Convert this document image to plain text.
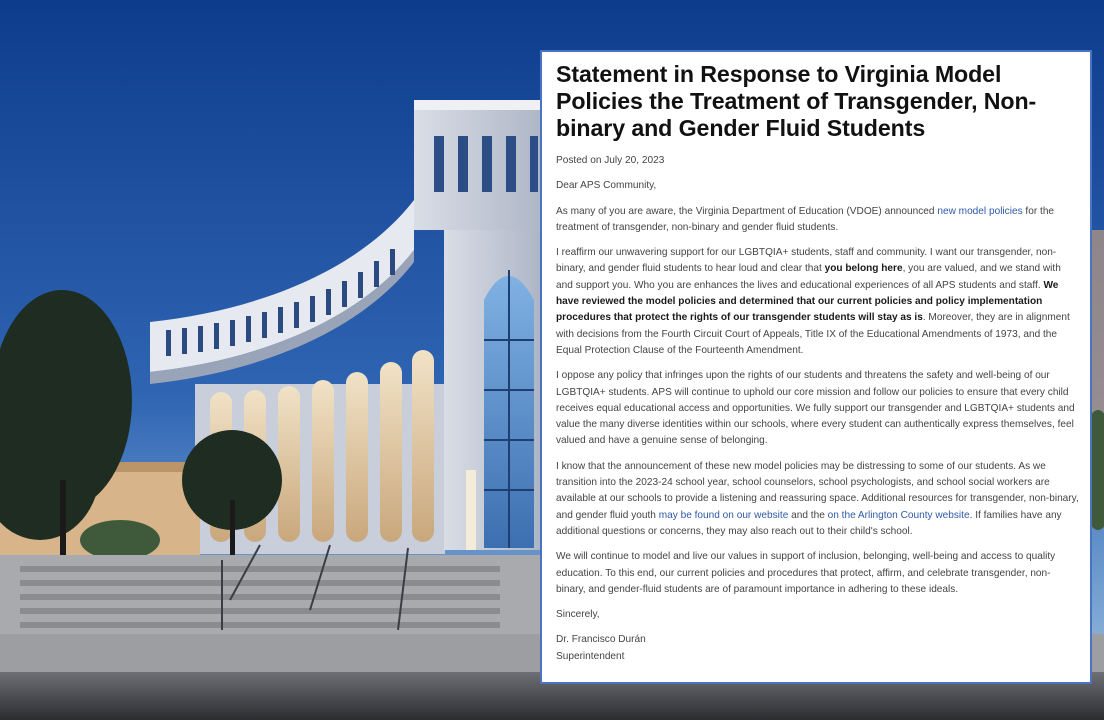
Statement in Response to Virginia Model Policies the Treatment of Transgender, Non-binary and Gender Fluid Students

Posted on July 20, 2023

Dear APS Community,

As many of you are aware, the Virginia Department of Education (VDOE) announced new model policies for the treatment of transgender, non-binary and gender fluid students.

I reaffirm our unwavering support for our LGBTQIA+ students, staff and community. I want our transgender, non-binary, and gender fluid students to hear loud and clear that you belong here, you are valued, and we stand with and support you. Who you are enhances the lives and educational experiences of all APS students and staff. We have reviewed the model policies and determined that our current policies and policy implementation procedures that protect the rights of our transgender students will stay as is. Moreover, they are in alignment with decisions from the Fourth Circuit Court of Appeals, Title IX of the Educational Amendments of 1973, and the Equal Protection Clause of the Fourteenth Amendment.

I oppose any policy that infringes upon the rights of our students and threatens the safety and well-being of our LGBTQIA+ students. APS will continue to uphold our core mission and follow our policies to ensure that every child receives equal educational access and opportunities. We fully support our transgender and LGBTQIA+ students and value the many diverse identities within our schools, where every student can authentically express themselves, feel valued and have a genuine sense of belonging.

I know that the announcement of these new model policies may be distressing to some of our students. As we transition into the 2023-24 school year, school counselors, school psychologists, and school social workers are available at our schools to provide a listening and reassuring space. Additional resources for transgender, non-binary, and gender fluid youth may be found on our website and the on the Arlington County website. If families have any additional questions or concerns, they may also reach out to their child's school.

We will continue to model and live our values in support of inclusion, belonging, well-being and access to quality education. To this end, our current policies and procedures that protect, affirm, and celebrate transgender, non-binary, and gender-fluid students are of paramount importance in adhering to these ideals.

Sincerely,

Dr. Francisco Durán

Superintendent
